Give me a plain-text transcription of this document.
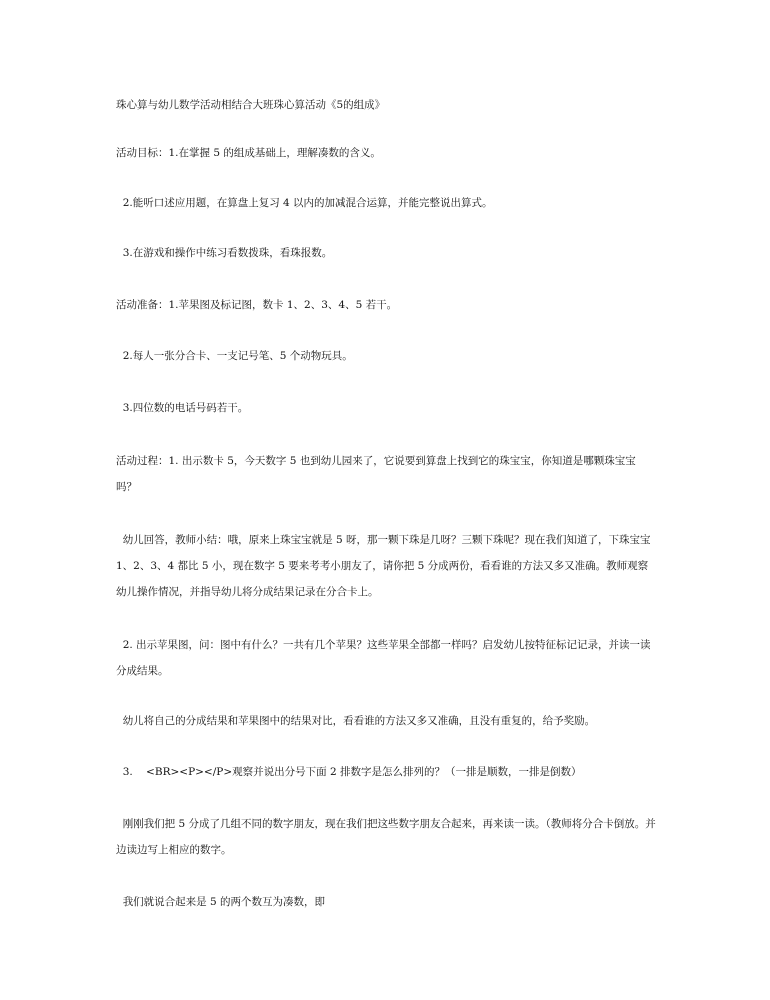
珠心算与幼儿数学活动相结合大班珠心算活动《5的组成》

活动目标：1.在掌握 5 的组成基础上，理解凑数的含义。

2.能听口述应用题，在算盘上复习 4 以内的加减混合运算，并能完整说出算式。

3.在游戏和操作中练习看数拨珠，看珠报数。

活动准备：1.苹果图及标记图，数卡 1、2、3、4、5 若干。

2.每人一张分合卡、一支记号笔、5 个动物玩具。

3.四位数的电话号码若干。

活动过程：1. 出示数卡 5，今天数字 5 也到幼儿园来了，它说要到算盘上找到它的珠宝宝，你知道是哪颗珠宝宝吗？

幼儿回答，教师小结：哦，原来上珠宝宝就是 5 呀，那一颗下珠是几呀？三颗下珠呢？现在我们知道了，下珠宝宝 1、2、3、4 都比 5 小，现在数字 5 要来考考小朋友了，请你把 5 分成两份，看看谁的方法又多又准确。教师观察幼儿操作情况，并指导幼儿将分成结果记录在分合卡上。

2. 出示苹果图，问：图中有什么？一共有几个苹果？这些苹果全部都一样吗？启发幼儿按特征标记记录，并读一读分成结果。

幼儿将自己的分成结果和苹果图中的结果对比，看看谁的方法又多又准确，且没有重复的，给予奖励。

3.    <BR><P></P>观察并说出分号下面 2 排数字是怎么排列的？（一排是顺数，一排是倒数）

刚刚我们把 5 分成了几组不同的数字朋友，现在我们把这些数字朋友合起来，再来读一读。（教师将分合卡倒放。并边读边写上相应的数字。

我们就说合起来是 5 的两个数互为凑数，即
